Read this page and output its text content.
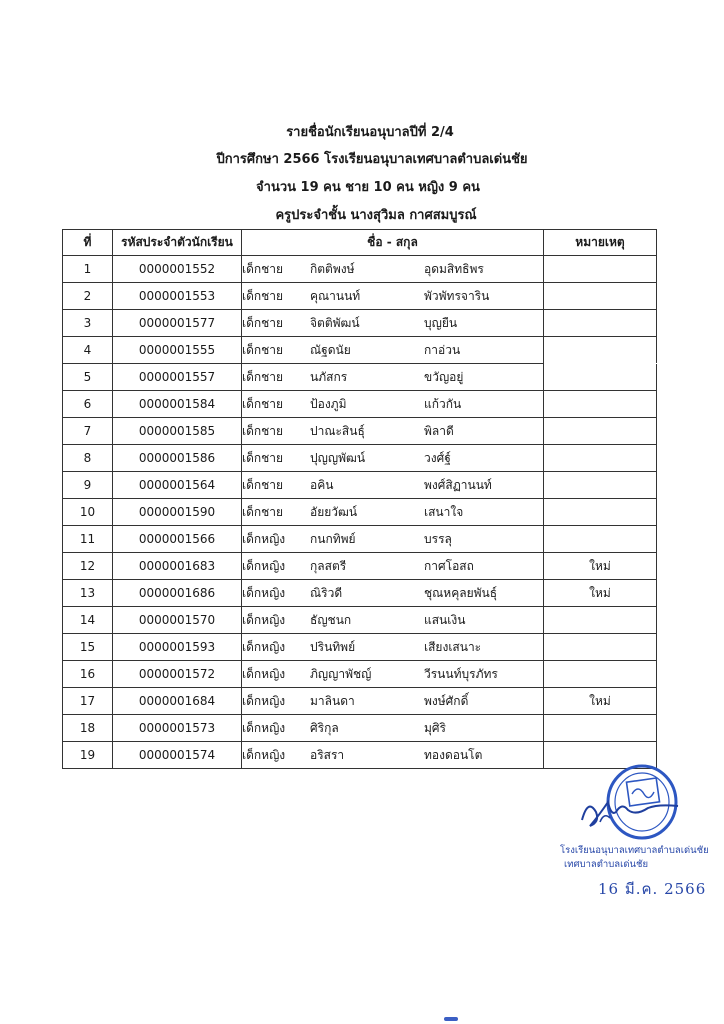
รายชื่อนักเรียนอนุบาลปีที่ 2/4
ปีการศึกษา 2566 โรงเรียนอนุบาลเทศบาลตำบลเด่นชัย
จำนวน 19 คน ชาย 10 คน หญิง 9 คน
ครูประจำชั้น นางสุวิมล กาศสมบูรณ์
ที่	รหัสประจำตัวนักเรียน	ชื่อ - สกุล	หมายเหตุ
1	0000001552	เด็กชาย กิตติพงษ์ อุดมสิทธิพร	

2	0000001553	เด็กชาย คุณานนท์ พัวพัทรจาริน	

3	0000001577	เด็กชาย จิตติพัฒน์ บุญยืน	

4	0000001555	เด็กชาย ณัฐดนัย กาอ่วน	

5	0000001557	เด็กชาย นภัสกร ขวัญอยู่	

6	0000001584	เด็กชาย ป้องภูมิ แก้วกัน	

7	0000001585	เด็กชาย ปาณะสินธุ์ พิลาดี	

8	0000001586	เด็กชาย ปุญญพัฒน์ วงศ์ฐ์	

9	0000001564	เด็กชาย อคิน พงศ์สิฏานนท์	

10	0000001590	เด็กชาย อัยยวัฒน์ เสนาใจ	

11	0000001566	เด็กหญิง กนกทิพย์ บรรลุ	

12	0000001683	เด็กหญิง กุลสตรี กาศโอสถ	ใหม่
13	0000001686	เด็กหญิง ณิริวดี ชุณหคุลยพันธุ์	ใหม่
14	0000001570	เด็กหญิง ธัญชนก แสนเงิน	

15	0000001593	เด็กหญิง ปรินทิพย์ เสียงเสนาะ	

16	0000001572	เด็กหญิง ภิญญาพัชญ์ วีรนนท์บุรภัทร	

17	0000001684	เด็กหญิง มาลินดา พงษ์ศักดิ์	ใหม่
18	0000001573	เด็กหญิง ศิริกุล มุศิริ	

19	0000001574	เด็กหญิง อริสรา ทองดอนโต	

โรงเรียนอนุบาลเทศบาลตำบลเด่นชัย
เทศบาลตำบลเด่นชัย
16 มี.ค. 2566
